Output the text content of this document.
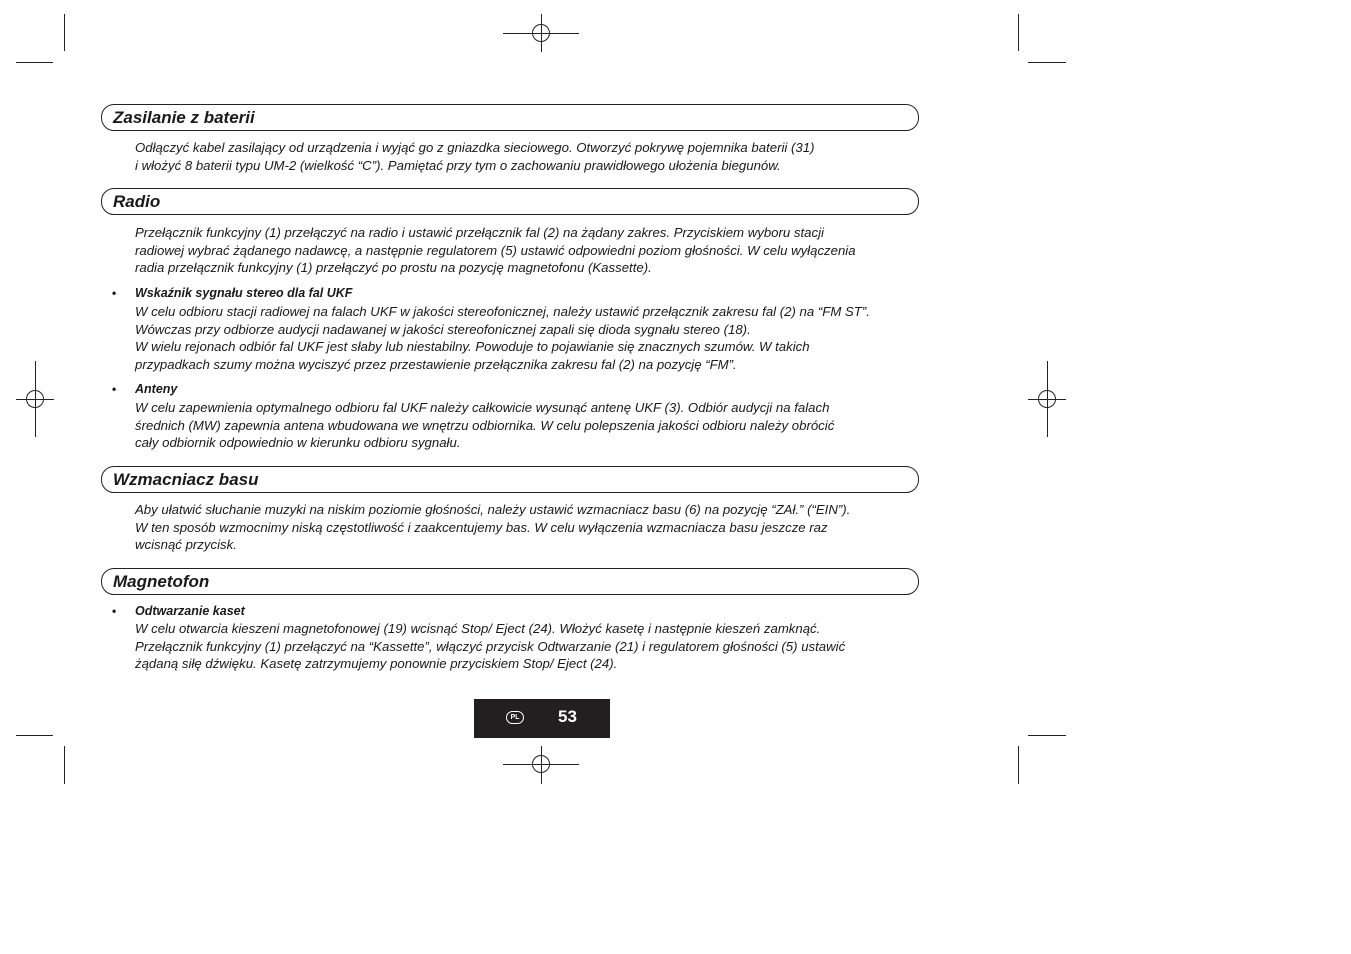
Zasilanie z baterii
Odłączyć kabel zasilający od urządzenia i wyjąć go z gniazdka sieciowego. Otworzyć pokrywę pojemnika baterii (31)
i włożyć 8 baterii typu UM-2 (wielkość “C”). Pamiętać przy tym o zachowaniu prawidłowego ułożenia biegunów.
Radio
Przełącznik funkcyjny (1) przełączyć na radio i ustawić przełącznik fal (2) na żądany zakres. Przyciskiem wyboru stacji
radiowej wybrać żądanego nadawcę, a następnie regulatorem (5) ustawić odpowiedni poziom głośności. W celu wyłączenia
radia przełącznik funkcyjny (1) przełączyć po prostu na pozycję magnetofonu (Kassette).
• Wskaźnik sygnału stereo dla fal UKF
W celu odbioru stacji radiowej na falach UKF w jakości stereofonicznej, należy ustawić przełącznik zakresu fal (2) na “FM ST”.
Wówczas przy odbiorze audycji nadawanej w jakości stereofonicznej zapali się dioda sygnału stereo (18).
W wielu rejonach odbiór fal UKF jest słaby lub niestabilny. Powoduje to pojawianie się znacznych szumów. W takich
przypadkach szumy można wyciszyć przez przestawienie przełącznika zakresu fal (2) na pozycję “FM”.
• Anteny
W celu zapewnienia optymalnego odbioru fal UKF należy całkowicie wysunąć antenę UKF (3). Odbiór audycji na falach
średnich (MW) zapewnia antena wbudowana we wnętrzu odbiornika. W celu polepszenia jakości odbioru należy obrócić
cały odbiornik odpowiednio w kierunku odbioru sygnału.
Wzmacniacz basu
Aby ułatwić słuchanie muzyki na niskim poziomie głośności, należy ustawić wzmacniacz basu (6) na pozycję “ZAł.” (“EIN”).
W ten sposób wzmocnimy niską częstotliwość i zaakcentujemy bas. W celu wyłączenia wzmacniacza basu jeszcze raz
wcisnąć przycisk.
Magnetofon
• Odtwarzanie kaset
W celu otwarcia kieszeni magnetofonowej (19) wcisnąć Stop/ Eject (24). Włożyć kasetę i następnie kieszeń zamknąć.
Przełącznik funkcyjny (1) przełączyć na “Kassette”, włączyć przycisk Odtwarzanie (21) i regulatorem głośności (5) ustawić
żądaną siłę dźwięku. Kasetę zatrzymujemy ponownie przyciskiem Stop/ Eject (24).
PL 53
